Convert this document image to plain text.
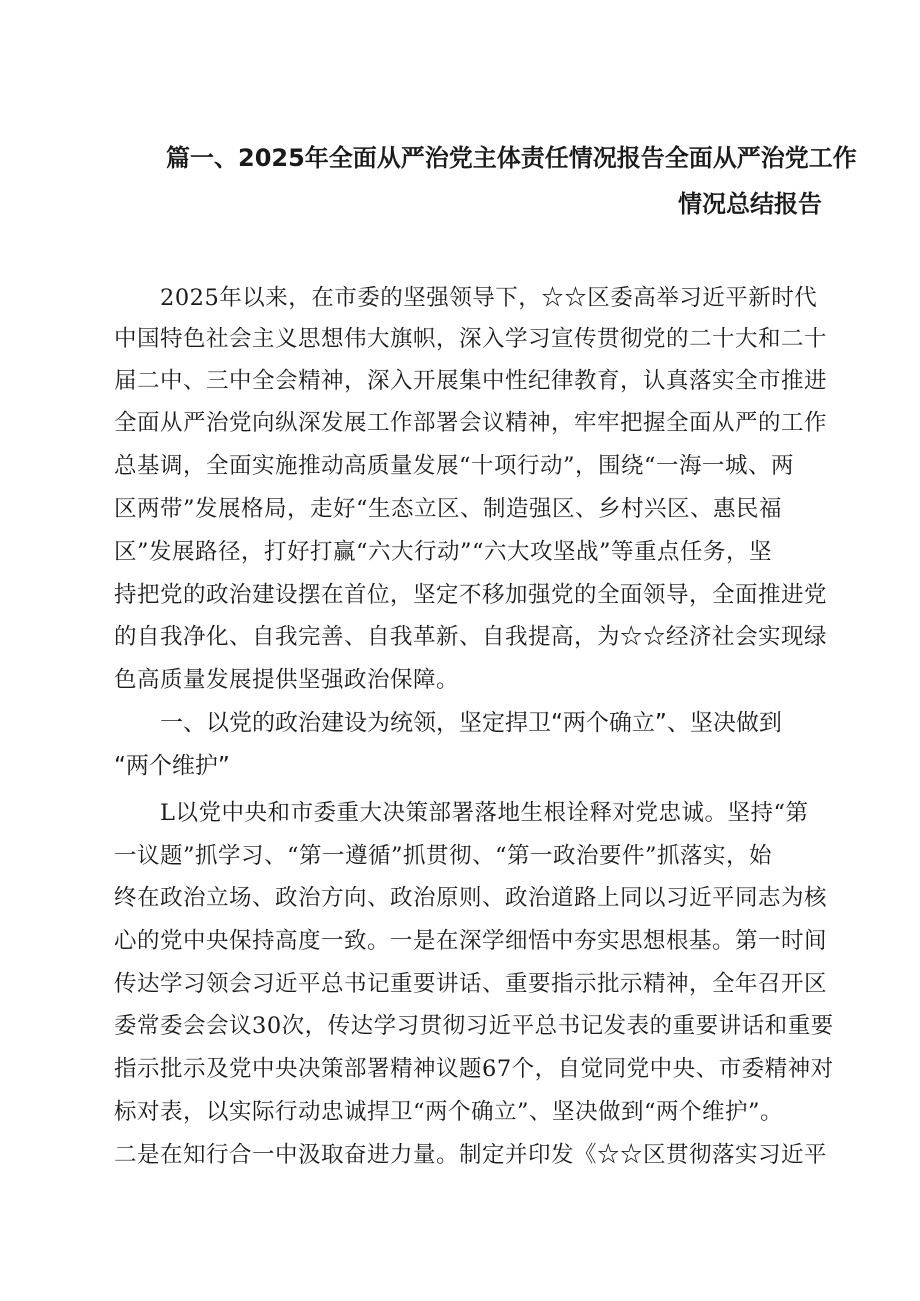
篇一、2025年全面从严治党主体责任情况报告全面从严治党工作

情况总结报告

2025年以来，在市委的坚强领导下，☆☆区委高举习近平新时代

中国特色社会主义思想伟大旗帜，深入学习宣传贯彻党的二十大和二十

届二中、三中全会精神，深入开展集中性纪律教育，认真落实全市推进

全面从严治党向纵深发展工作部署会议精神，牢牢把握全面从严的工作

总基调，全面实施推动高质量发展“十项行动”，围绕“一海一城、两

区两带”发展格局，走好“生态立区、制造强区、乡村兴区、惠民福

区”发展路径，打好打赢“六大行动”“六大攻坚战”等重点任务，坚

持把党的政治建设摆在首位，坚定不移加强党的全面领导，全面推进党

的自我净化、自我完善、自我革新、自我提高，为☆☆经济社会实现绿

色高质量发展提供坚强政治保障。

一、以党的政治建设为统领，坚定捍卫“两个确立”、坚决做到

“两个维护”

L以党中央和市委重大决策部署落地生根诠释对党忠诚。坚持“第

一议题”抓学习、“第一遵循”抓贯彻、“第一政治要件”抓落实，始

终在政治立场、政治方向、政治原则、政治道路上同以习近平同志为核

心的党中央保持高度一致。一是在深学细悟中夯实思想根基。第一时间

传达学习领会习近平总书记重要讲话、重要指示批示精神，全年召开区

委常委会会议30次，传达学习贯彻习近平总书记发表的重要讲话和重要

指示批示及党中央决策部署精神议题67个，自觉同党中央、市委精神对

标对表，以实际行动忠诚捍卫“两个确立”、坚决做到“两个维护”。

二是在知行合一中汲取奋进力量。制定并印发《☆☆区贯彻落实习近平
